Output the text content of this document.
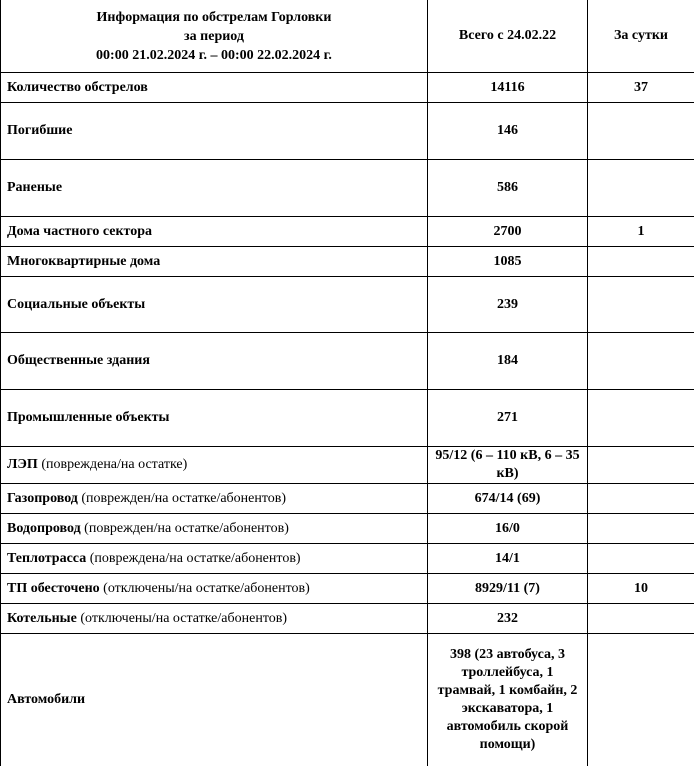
Информация по обстрелам Горловки
за период
00:00 21.02.2024 г. – 00:00 22.02.2024 г.	Всего с 24.02.22	За сутки
Количество обстрелов	14116	37
Погибшие	146	
Раненые	586	
Дома частного сектора	2700	1
Многоквартирные дома	1085	
Социальные объекты	239	
Общественные здания	184	
Промышленные объекты	271	
ЛЭП (повреждена/на остатке)	95/12 (6 – 110 кВ, 6 – 35 кВ)	
Газопровод (поврежден/на остатке/абонентов)	674/14 (69)	
Водопровод (поврежден/на остатке/абонентов)	16/0	
Теплотрасса (повреждена/на остатке/абонентов)	14/1	
ТП обесточено (отключены/на остатке/абонентов)	8929/11 (7)	10
Котельные (отключены/на остатке/абонентов)	232	
Автомобили	398 (23 автобуса, 3 троллейбуса, 1 трамвай, 1 комбайн, 2 экскаватора, 1 автомобиль скорой помощи)	
